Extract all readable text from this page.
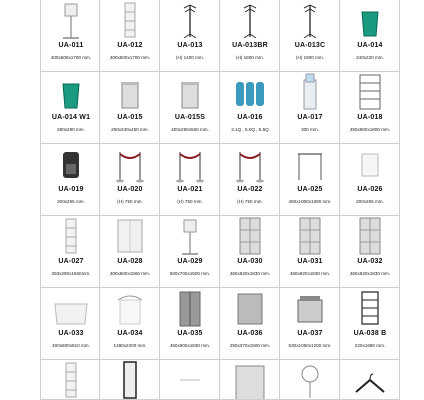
UA-011
400x500x1700 mm.
UA-012
400x500x1700 mm.
UA-013
(H) 1400 mm.
UA-013BR
(H) 1800 mm.
UA-013C
(H) 1800 mm.
UA-014
240x220 mm.
UA-014 W1
280x280 mm.
UA-015
250x340x450 mm.
UA-015S
400x290x560 mm.
UA-016
3.1Q , 5.0Q , 5.5Q
UA-017
300 mm.
UA-018
450x900x1800 mm.
UA-019
200x255 mm.
UA-020
(H) 750 mm.
UA-021
(H) 750 mm.
UA-022
(H) 750 mm.
UA-025
450x1000x1080 mm.
UA-026
200x255 mm.
UA-027
250x280x1660mm.
UA-028
400x600x1560 mm.
UA-029
500x700x1500 mm.
UA-030
460x920x1830 mm.
UA-031
460x920x1830 mm.
UA-032
460x920x1830 mm.
UA-033
400x800x810 mm.
UA-034
1480x2200 mm.
UA-035
450x900x1830 mm.
UA-036
250x370x1500 mm.
UA-037
530x1050x1200 mm.
UA-038 B
220x1680 mm.
